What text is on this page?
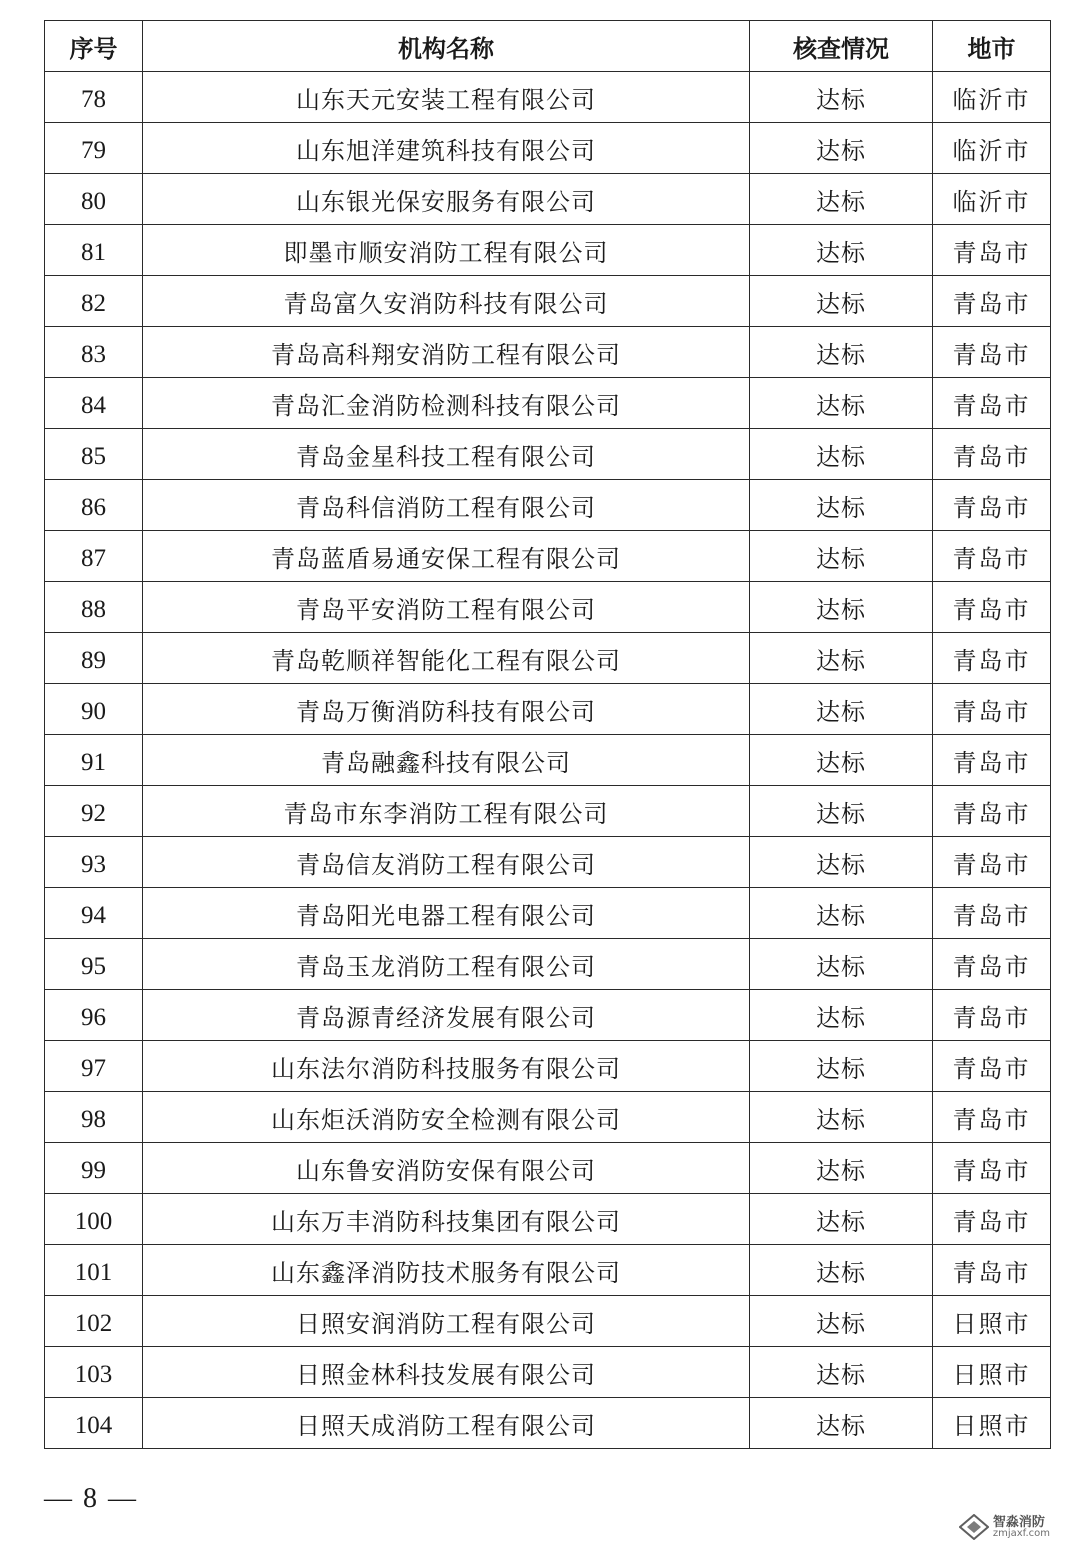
序号	机构名称	核查情况	地市
78	山东天元安装工程有限公司	达标	临沂市
79	山东旭洋建筑科技有限公司	达标	临沂市
80	山东银光保安服务有限公司	达标	临沂市
81	即墨市顺安消防工程有限公司	达标	青岛市
82	青岛富久安消防科技有限公司	达标	青岛市
83	青岛高科翔安消防工程有限公司	达标	青岛市
84	青岛汇金消防检测科技有限公司	达标	青岛市
85	青岛金星科技工程有限公司	达标	青岛市
86	青岛科信消防工程有限公司	达标	青岛市
87	青岛蓝盾易通安保工程有限公司	达标	青岛市
88	青岛平安消防工程有限公司	达标	青岛市
89	青岛乾顺祥智能化工程有限公司	达标	青岛市
90	青岛万衡消防科技有限公司	达标	青岛市
91	青岛融鑫科技有限公司	达标	青岛市
92	青岛市东李消防工程有限公司	达标	青岛市
93	青岛信友消防工程有限公司	达标	青岛市
94	青岛阳光电器工程有限公司	达标	青岛市
95	青岛玉龙消防工程有限公司	达标	青岛市
96	青岛源青经济发展有限公司	达标	青岛市
97	山东法尔消防科技服务有限公司	达标	青岛市
98	山东炬沃消防安全检测有限公司	达标	青岛市
99	山东鲁安消防安保有限公司	达标	青岛市
100	山东万丰消防科技集团有限公司	达标	青岛市
101	山东鑫泽消防技术服务有限公司	达标	青岛市
102	日照安润消防工程有限公司	达标	日照市
103	日照金林科技发展有限公司	达标	日照市
104	日照天成消防工程有限公司	达标	日照市
— 8 —
智淼消防
zmjaxf.com
